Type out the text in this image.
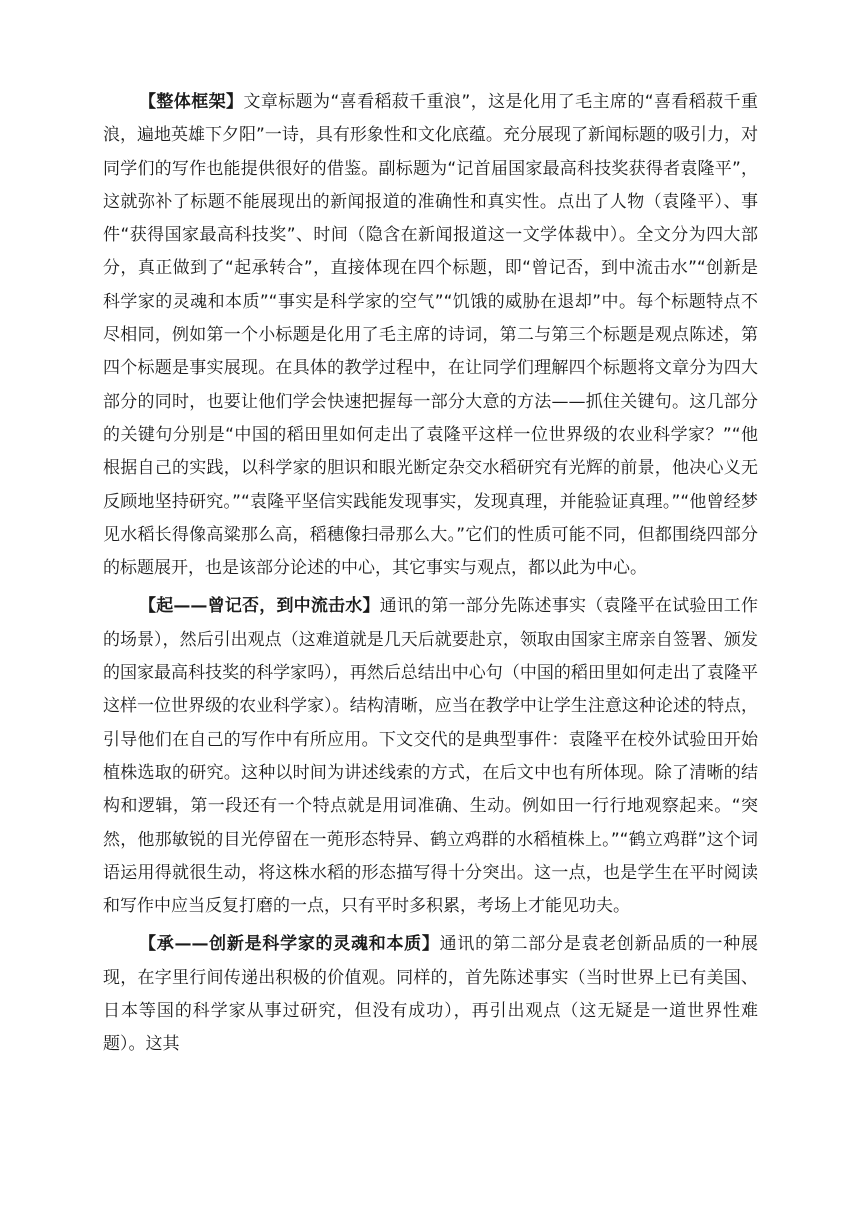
【整体框架】文章标题为“喜看稻菽千重浪”，这是化用了毛主席的“喜看稻菽千重浪，遍地英雄下夕阳”一诗，具有形象性和文化底蕴。充分展现了新闻标题的吸引力，对同学们的写作也能提供很好的借鉴。副标题为“记首届国家最高科技奖获得者袁隆平”，这就弥补了标题不能展现出的新闻报道的准确性和真实性。点出了人物（袁隆平）、事件“获得国家最高科技奖”、时间（隐含在新闻报道这一文学体裁中）。全文分为四大部分，真正做到了“起承转合”，直接体现在四个标题，即“曾记否，到中流击水”“创新是科学家的灵魂和本质”“事实是科学家的空气”“饥饿的威胁在退却”中。每个标题特点不尽相同，例如第一个小标题是化用了毛主席的诗词，第二与第三个标题是观点陈述，第四个标题是事实展现。在具体的教学过程中，在让同学们理解四个标题将文章分为四大部分的同时，也要让他们学会快速把握每一部分大意的方法——抓住关键句。这几部分的关键句分别是“中国的稻田里如何走出了袁隆平这样一位世界级的农业科学家？”“他根据自己的实践，以科学家的胆识和眼光断定杂交水稻研究有光辉的前景，他决心义无反顾地坚持研究。”“袁隆平坚信实践能发现事实，发现真理，并能验证真理。”“他曾经梦见水稻长得像高粱那么高，稻穗像扫帚那么大。”它们的性质可能不同，但都围绕四部分的标题展开，也是该部分论述的中心，其它事实与观点，都以此为中心。

【起——曾记否，到中流击水】通讯的第一部分先陈述事实（袁隆平在试验田工作的场景），然后引出观点（这难道就是几天后就要赴京，领取由国家主席亲自签署、颁发的国家最高科技奖的科学家吗），再然后总结出中心句（中国的稻田里如何走出了袁隆平这样一位世界级的农业科学家）。结构清晰，应当在教学中让学生注意这种论述的特点，引导他们在自己的写作中有所应用。下文交代的是典型事件：袁隆平在校外试验田开始植株选取的研究。这种以时间为讲述线索的方式，在后文中也有所体现。除了清晰的结构和逻辑，第一段还有一个特点就是用词准确、生动。例如田一行行地观察起来。“突然，他那敏锐的目光停留在一蔸形态特异、鹤立鸡群的水稻植株上。”“鹤立鸡群”这个词语运用得就很生动，将这株水稻的形态描写得十分突出。这一点，也是学生在平时阅读和写作中应当反复打磨的一点，只有平时多积累，考场上才能见功夫。

【承——创新是科学家的灵魂和本质】通讯的第二部分是袁老创新品质的一种展现，在字里行间传递出积极的价值观。同样的，首先陈述事实（当时世界上已有美国、日本等国的科学家从事过研究，但没有成功），再引出观点（这无疑是一道世界性难题）。这其
